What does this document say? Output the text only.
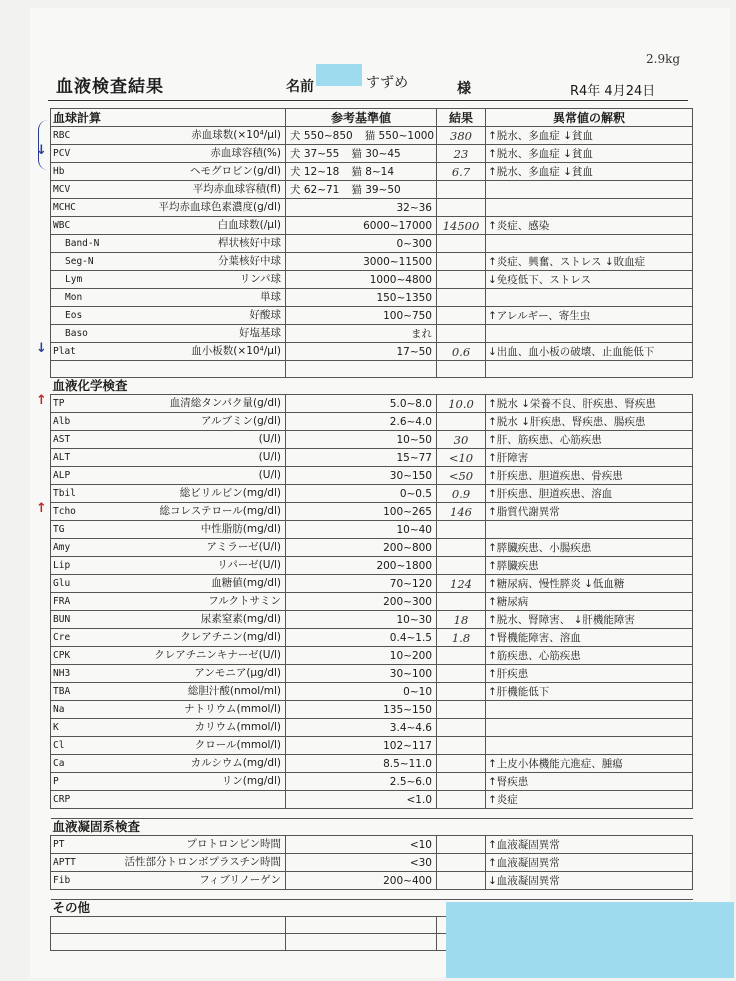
血液検査結果	名前	すずめ	様	R4年 4月24日
2.9kg
血球計算	参考基準値	結果	異常値の解釈
RBC 赤血球数(×10⁴/μl)	犬 550~850 猫 550~1000	380	↑脱水、多血症 ↓貧血
PCV 赤血球容積(%)	犬 37~55 猫 30~45	23	↑脱水、多血症 ↓貧血
Hb ヘモグロビン(g/dl)	犬 12~18 猫 8~14	6.7	↑脱水、多血症 ↓貧血
MCV 平均赤血球容積(fl)	犬 62~71 猫 39~50		
MCHC 平均赤血球色素濃度(g/dl)	32~36		
WBC 白血球数(/μl)	6000~17000	14500	↑炎症、感染
Band-N 桿状核好中球	0~300		
Seg-N 分葉核好中球	3000~11500		↑炎症、興奮、ストレス ↓敗血症
Lym リンパ球	1000~4800		↓免疫低下、ストレス
Mon 単球	150~1350		
Eos 好酸球	100~750		↑アレルギー、寄生虫
Baso 好塩基球	まれ		
Plat 血小板数(×10⁴/μl)	17~50	0.6	↓出血、血小板の破壊、止血能低下

血液化学検査			
TP 血清総タンパク量(g/dl)	5.0~8.0	10.0	↑脱水 ↓栄養不良、肝疾患、腎疾患
Alb アルブミン(g/dl)	2.6~4.0		↑脱水 ↓肝疾患、腎疾患、腸疾患
AST (U/l)	10~50	30	↑肝、筋疾患、心筋疾患
ALT (U/l)	15~77	<10	↑肝障害
ALP (U/l)	30~150	<50	↑肝疾患、胆道疾患、骨疾患
Tbil 総ビリルビン(mg/dl)	0~0.5	0.9	↑肝疾患、胆道疾患、溶血
Tcho 総コレステロール(mg/dl)	100~265	146	↑脂質代謝異常
TG 中性脂肪(mg/dl)	10~40		
Amy アミラーゼ(U/l)	200~800		↑膵臓疾患、小腸疾患
Lip リパーゼ(U/l)	200~1800		↑膵臓疾患
Glu 血糖値(mg/dl)	70~120	124	↑糖尿病、慢性膵炎 ↓低血糖
FRA フルクトサミン	200~300		↑糖尿病
BUN 尿素窒素(mg/dl)	10~30	18	↑脱水、腎障害、 ↓肝機能障害
Cre クレアチニン(mg/dl)	0.4~1.5	1.8	↑腎機能障害、溶血
CPK クレアチニンキナーゼ(U/l)	10~200		↑筋疾患、心筋疾患
NH3 アンモニア(μg/dl)	30~100		↑肝疾患
TBA 総胆汁酸(nmol/ml)	0~10		↑肝機能低下
Na ナトリウム(mmol/l)	135~150		
K カリウム(mmol/l)	3.4~4.6		
Cl クロール(mmol/l)	102~117		
Ca カルシウム(mg/dl)	8.5~11.0		↑上皮小体機能亢進症、腫瘍
P リン(mg/dl)	2.5~6.0		↑腎疾患
CRP	<1.0		↑炎症

血液凝固系検査			
PT プロトロンビン時間	<10		↑血液凝固異常
APTT 活性部分トロンボプラスチン時間	<30		↑血液凝固異常
Fib フィブリノーゲン	200~400		↓血液凝固異常

その他			

↓
↓
↑
↑
